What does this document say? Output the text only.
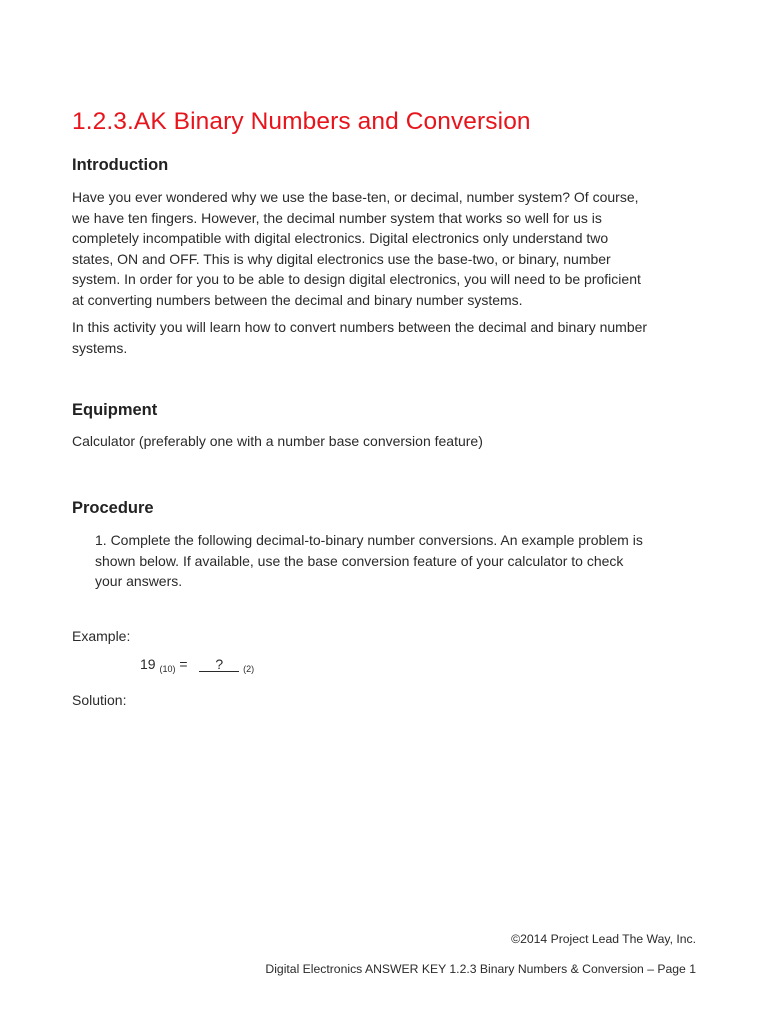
1.2.3.AK Binary Numbers and Conversion
Introduction

Have you ever wondered why we use the base-ten, or decimal, number system? Of course,
we have ten fingers. However, the decimal number system that works so well for us is
completely incompatible with digital electronics. Digital electronics only understand two
states, ON and OFF. This is why digital electronics use the base-two, or binary, number
system. In order for you to be able to design digital electronics, you will need to be proficient
at converting numbers between the decimal and binary number systems.

In this activity you will learn how to convert numbers between the decimal and binary number
systems.

Equipment

Calculator (preferably one with a number base conversion feature)

Procedure
1. Complete the following decimal-to-binary number conversions. An example problem is
shown below. If available, use the base conversion feature of your calculator to check
your answers.
Example:
19 $_{(10)}$ = ? $_{(2)}$
Solution:
©2014 Project Lead The Way, Inc.
Digital Electronics ANSWER KEY 1.2.3 Binary Numbers & Conversion – Page 1
